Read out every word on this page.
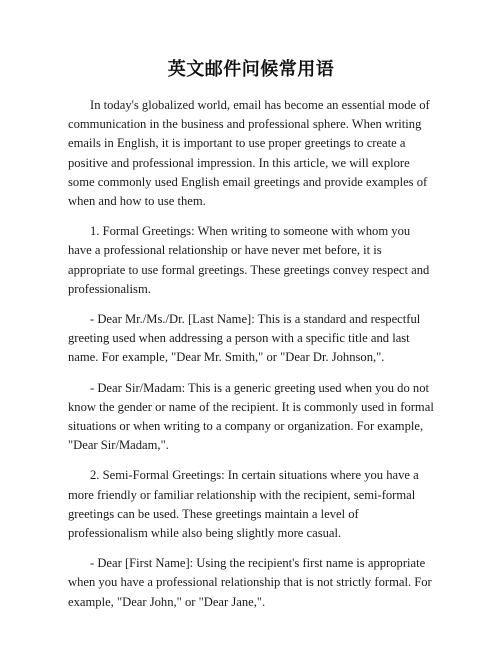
英文邮件问候常用语

In today's globalized world, email has become an essential mode of communication in the business and professional sphere. When writing emails in English, it is important to use proper greetings to create a positive and professional impression. In this article, we will explore some commonly used English email greetings and provide examples of when and how to use them.

1. Formal Greetings: When writing to someone with whom you have a professional relationship or have never met before, it is appropriate to use formal greetings. These greetings convey respect and professionalism.

- Dear Mr./Ms./Dr. [Last Name]: This is a standard and respectful greeting used when addressing a person with a specific title and last name. For example, "Dear Mr. Smith," or "Dear Dr. Johnson,".

- Dear Sir/Madam: This is a generic greeting used when you do not know the gender or name of the recipient. It is commonly used in formal situations or when writing to a company or organization. For example, "Dear Sir/Madam,".

2. Semi-Formal Greetings: In certain situations where you have a more friendly or familiar relationship with the recipient, semi-formal greetings can be used. These greetings maintain a level of professionalism while also being slightly more casual.

- Dear [First Name]: Using the recipient's first name is appropriate when you have a professional relationship that is not strictly formal. For example, "Dear John," or "Dear Jane,".
